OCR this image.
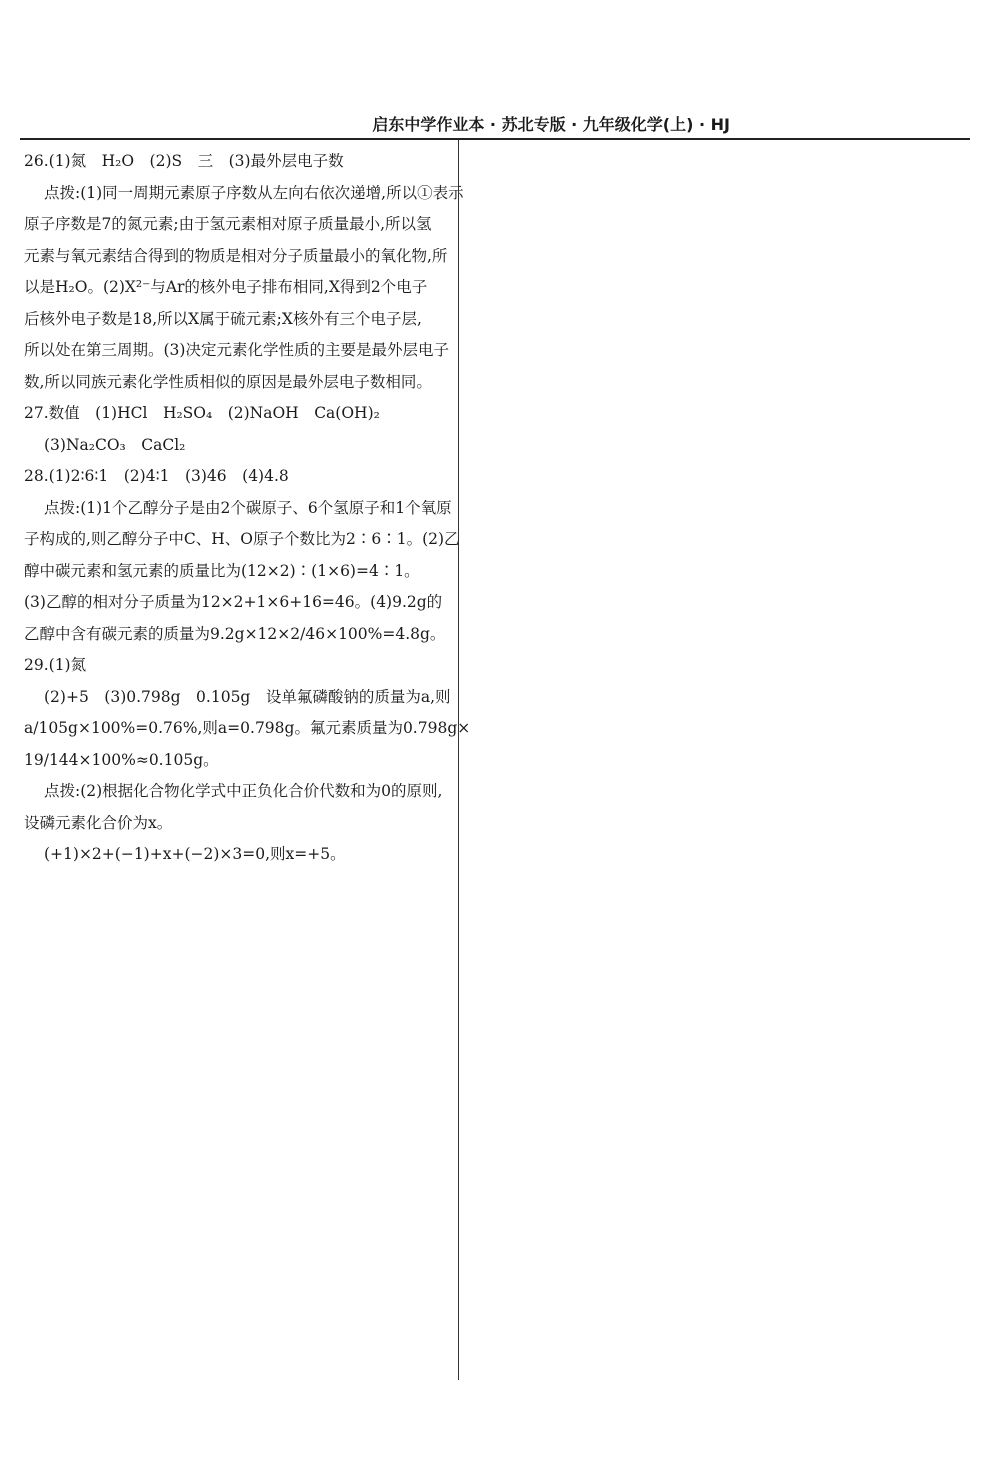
启东中学作业本 · 苏北专版 · 九年级化学(上) · HJ
26.(1)氮　H₂O　(2)S　三　(3)最外层电子数
点拨:(1)同一周期元素原子序数从左向右依次递增,所以①表示
原子序数是7的氮元素;由于氢元素相对原子质量最小,所以氢
元素与氧元素结合得到的物质是相对分子质量最小的氧化物,所
以是H₂O。(2)X²⁻与Ar的核外电子排布相同,X得到2个电子
后核外电子数是18,所以X属于硫元素;X核外有三个电子层,
所以处在第三周期。(3)决定元素化学性质的主要是最外层电子
数,所以同族元素化学性质相似的原因是最外层电子数相同。
27.数值　(1)HCl　H₂SO₄　(2)NaOH　Ca(OH)₂
(3)Na₂CO₃　CaCl₂
28.(1)2∶6∶1　(2)4∶1　(3)46　(4)4.8
点拨:(1)1个乙醇分子是由2个碳原子、6个氢原子和1个氧原
子构成的,则乙醇分子中C、H、O原子个数比为2∶6∶1。(2)乙
醇中碳元素和氢元素的质量比为(12×2)∶(1×6)=4∶1。
(3)乙醇的相对分子质量为12×2+1×6+16=46。(4)9.2g的
乙醇中含有碳元素的质量为9.2g×12×2/46×100%=4.8g。
29.(1)氮
(2)+5　(3)0.798g　0.105g　设单氟磷酸钠的质量为a,则
a/105g×100%=0.76%,则a=0.798g。氟元素质量为0.798g×
19/144×100%≈0.105g。
点拨:(2)根据化合物化学式中正负化合价代数和为0的原则,
设磷元素化合价为x。
(+1)×2+(−1)+x+(−2)×3=0,则x=+5。
